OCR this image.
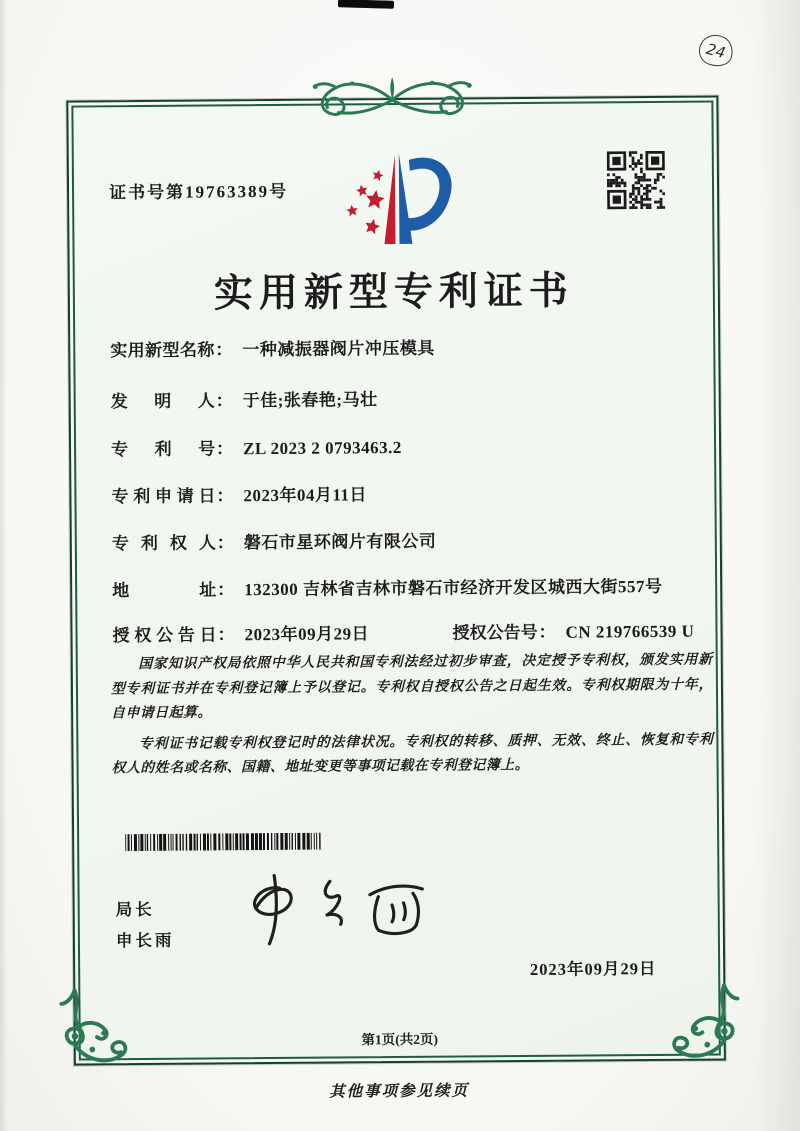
24
证书号第19763389号
实用新型专利证书
实用新型名称： 一种减振器阀片冲压模具
发明人： 于佳;张春艳;马壮
专利号： ZL 2023 2 0793463.2
专利申请日： 2023年04月11日
专利权人： 磐石市星环阀片有限公司
地址： 132300 吉林省吉林市磐石市经济开发区城西大街557号
授权公告日： 2023年09月29日	授权公告号： CN 219766539 U

国家知识产权局依照中华人民共和国专利法经过初步审查，决定授予专利权，颁发实用新型专利证书并在专利登记簿上予以登记。专利权自授权公告之日起生效。专利权期限为十年，自申请日起算。

专利证书记载专利权登记时的法律状况。专利权的转移、质押、无效、终止、恢复和专利权人的姓名或名称、国籍、地址变更等事项记载在专利登记簿上。

局长
申长雨
2023年09月29日
第1页(共2页)
其他事项参见续页
